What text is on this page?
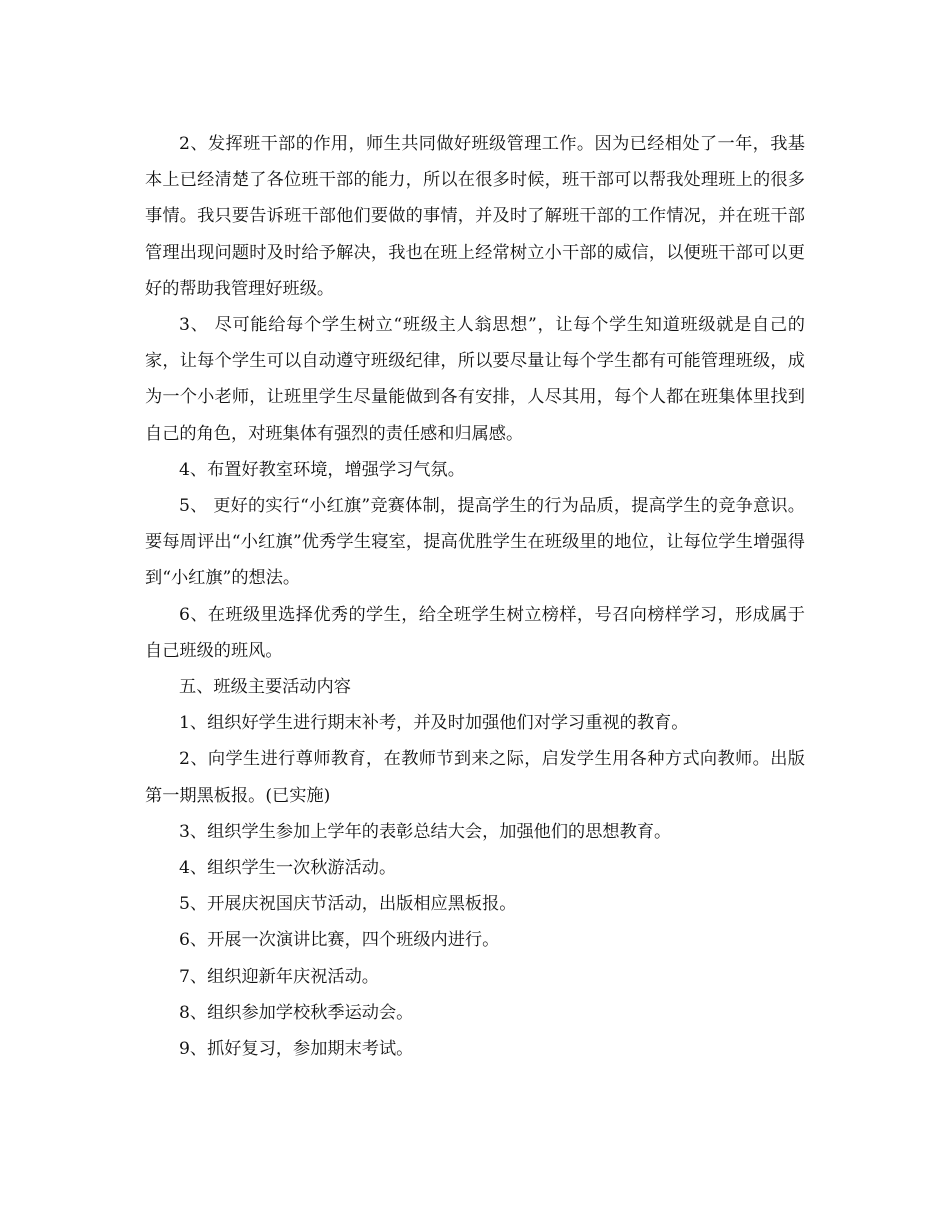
2、发挥班干部的作用，师生共同做好班级管理工作。因为已经相处了一年，我基本上已经清楚了各位班干部的能力，所以在很多时候，班干部可以帮我处理班上的很多事情。我只要告诉班干部他们要做的事情，并及时了解班干部的工作情况，并在班干部管理出现问题时及时给予解决，我也在班上经常树立小干部的威信，以便班干部可以更好的帮助我管理好班级。

3、 尽可能给每个学生树立“班级主人翁思想”，让每个学生知道班级就是自己的家，让每个学生可以自动遵守班级纪律，所以要尽量让每个学生都有可能管理班级，成为一个小老师，让班里学生尽量能做到各有安排，人尽其用，每个人都在班集体里找到自己的角色，对班集体有强烈的责任感和归属感。

4、布置好教室环境，增强学习气氛。

5、 更好的实行“小红旗”竞赛体制，提高学生的行为品质，提高学生的竞争意识。要每周评出“小红旗”优秀学生寝室，提高优胜学生在班级里的地位，让每位学生增强得到“小红旗”的想法。

6、在班级里选择优秀的学生，给全班学生树立榜样，号召向榜样学习，形成属于自己班级的班风。

五、班级主要活动内容

1、组织好学生进行期末补考，并及时加强他们对学习重视的教育。

2、向学生进行尊师教育，在教师节到来之际，启发学生用各种方式向教师。出版第一期黑板报。(已实施)

3、组织学生参加上学年的表彰总结大会，加强他们的思想教育。

4、组织学生一次秋游活动。

5、开展庆祝国庆节活动，出版相应黑板报。

6、开展一次演讲比赛，四个班级内进行。

7、组织迎新年庆祝活动。

8、组织参加学校秋季运动会。

9、抓好复习，参加期末考试。
